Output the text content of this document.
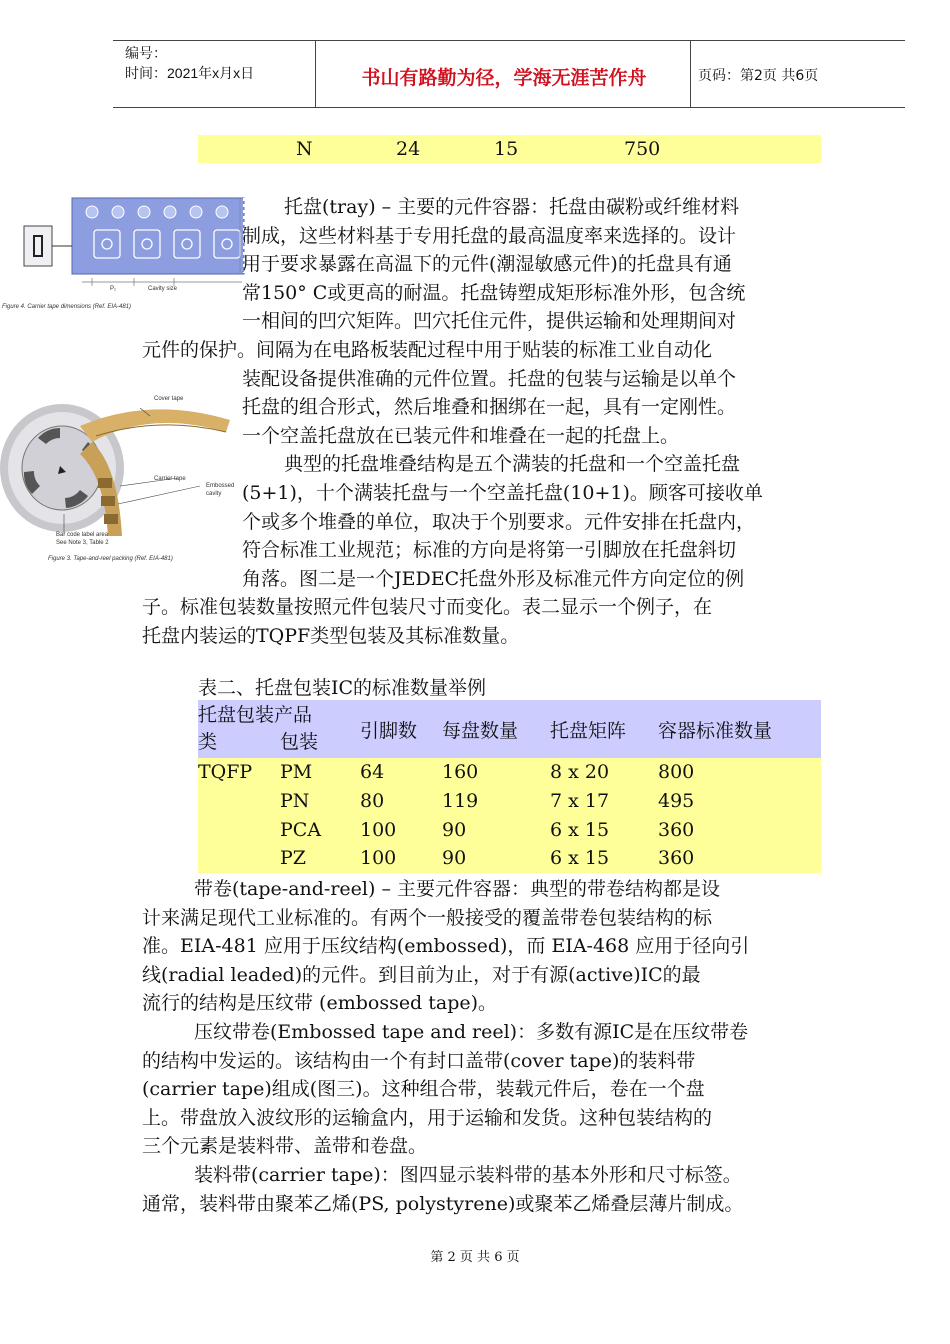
编号：
时间：2021年x月x日	书山有路勤为径，学海无涯苦作舟	页码：第2页 共6页
N	24	15	750
P₁	Cavity size
Figure 4. Carrier tape dimensions (Ref. EIA-481)
Cover tape
Carrier tape
Embossed cavity
Bar code label area
See Note 3, Table 2
Figure 3. Tape-and-reel packing (Ref. EIA-481)
托盘(tray) – 主要的元件容器：托盘由碳粉或纤维材料
制成，这些材料基于专用托盘的最高温度率来选择的。设计
用于要求暴露在高温下的元件(潮湿敏感元件)的托盘具有通
常150° C或更高的耐温。托盘铸塑成矩形标准外形，包含统
一相间的凹穴矩阵。凹穴托住元件，提供运输和处理期间对
元件的保护。间隔为在电路板装配过程中用于贴装的标准工业自动化
装配设备提供准确的元件位置。托盘的包装与运输是以单个
托盘的组合形式，然后堆叠和捆绑在一起，具有一定刚性。
一个空盖托盘放在已装元件和堆叠在一起的托盘上。
典型的托盘堆叠结构是五个满装的托盘和一个空盖托盘
(5+1)，十个满装托盘与一个空盖托盘(10+1)。顾客可接收单
个或多个堆叠的单位，取决于个别要求。元件安排在托盘内，
符合标准工业规范；标准的方向是将第一引脚放在托盘斜切
角落。图二是一个JEDEC托盘外形及标准元件方向定位的例
子。标准包装数量按照元件包装尺寸而变化。表二显示一个例子，在
托盘内装运的TQPF类型包装及其标准数量。
表二、托盘包装IC的标准数量举例
托盘包装产品
类 包装		引脚数	每盘数量	托盘矩阵	容器标准数量
TQFP	PM	64	160	8 x 20	800
	PN	80	119	7 x 17	495
	PCA	100	90	6 x 15	360
	PZ	100	90	6 x 15	360
带卷(tape-and-reel) – 主要元件容器：典型的带卷结构都是设
计来满足现代工业标准的。有两个一般接受的覆盖带卷包装结构的标
准。EIA-481 应用于压纹结构(embossed)，而 EIA-468 应用于径向引
线(radial leaded)的元件。到目前为止，对于有源(active)IC的最
流行的结构是压纹带 (embossed tape)。
压纹带卷(Embossed tape and reel)：多数有源IC是在压纹带卷
的结构中发运的。该结构由一个有封口盖带(cover tape)的装料带
(carrier tape)组成(图三)。这种组合带，装载元件后，卷在一个盘
上。带盘放入波纹形的运输盒内，用于运输和发货。这种包装结构的
三个元素是装料带、盖带和卷盘。
装料带(carrier tape)：图四显示装料带的基本外形和尺寸标签。
通常，装料带由聚苯乙烯(PS, polystyrene)或聚苯乙烯叠层薄片制成。
第 2 页 共 6 页
